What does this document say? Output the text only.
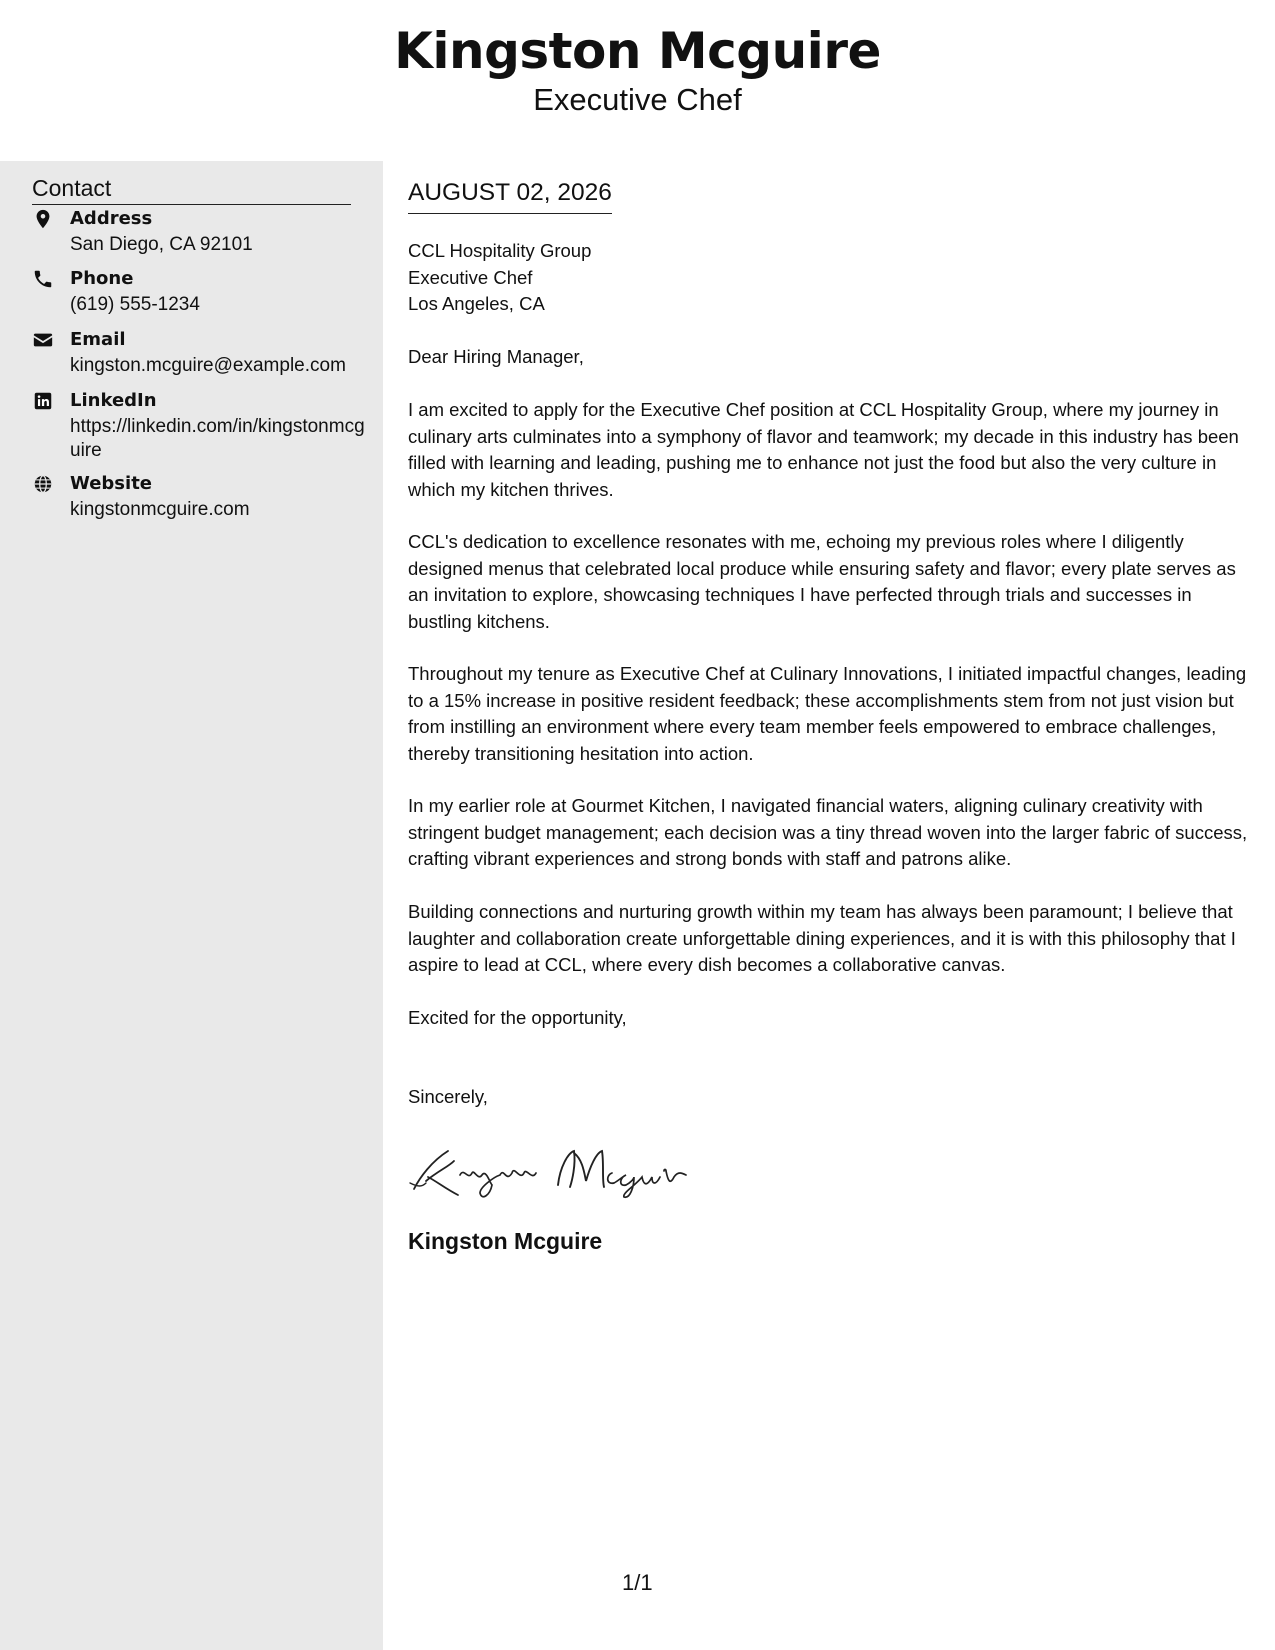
Kingston Mcguire
Executive Chef
Contact
Address
San Diego, CA 92101
Phone
(619) 555-1234
Email
kingston.mcguire@example.com
LinkedIn
https://linkedin.com/in/kingstonmcguire
Website
kingstonmcguire.com
AUGUST 02, 2026
CCL Hospitality Group
Executive Chef
Los Angeles, CA
Dear Hiring Manager,
I am excited to apply for the Executive Chef position at CCL Hospitality Group, where my journey in culinary arts culminates into a symphony of flavor and teamwork; my decade in this industry has been filled with learning and leading, pushing me to enhance not just the food but also the very culture in which my kitchen thrives.
CCL's dedication to excellence resonates with me, echoing my previous roles where I diligently designed menus that celebrated local produce while ensuring safety and flavor; every plate serves as an invitation to explore, showcasing techniques I have perfected through trials and successes in bustling kitchens.
Throughout my tenure as Executive Chef at Culinary Innovations, I initiated impactful changes, leading to a 15% increase in positive resident feedback; these accomplishments stem from not just vision but from instilling an environment where every team member feels empowered to embrace challenges, thereby transitioning hesitation into action.
In my earlier role at Gourmet Kitchen, I navigated financial waters, aligning culinary creativity with stringent budget management; each decision was a tiny thread woven into the larger fabric of success, crafting vibrant experiences and strong bonds with staff and patrons alike.
Building connections and nurturing growth within my team has always been paramount; I believe that laughter and collaboration create unforgettable dining experiences, and it is with this philosophy that I aspire to lead at CCL, where every dish becomes a collaborative canvas.
Excited for the opportunity,
Sincerely,
Kingston Mcguire
1/1
